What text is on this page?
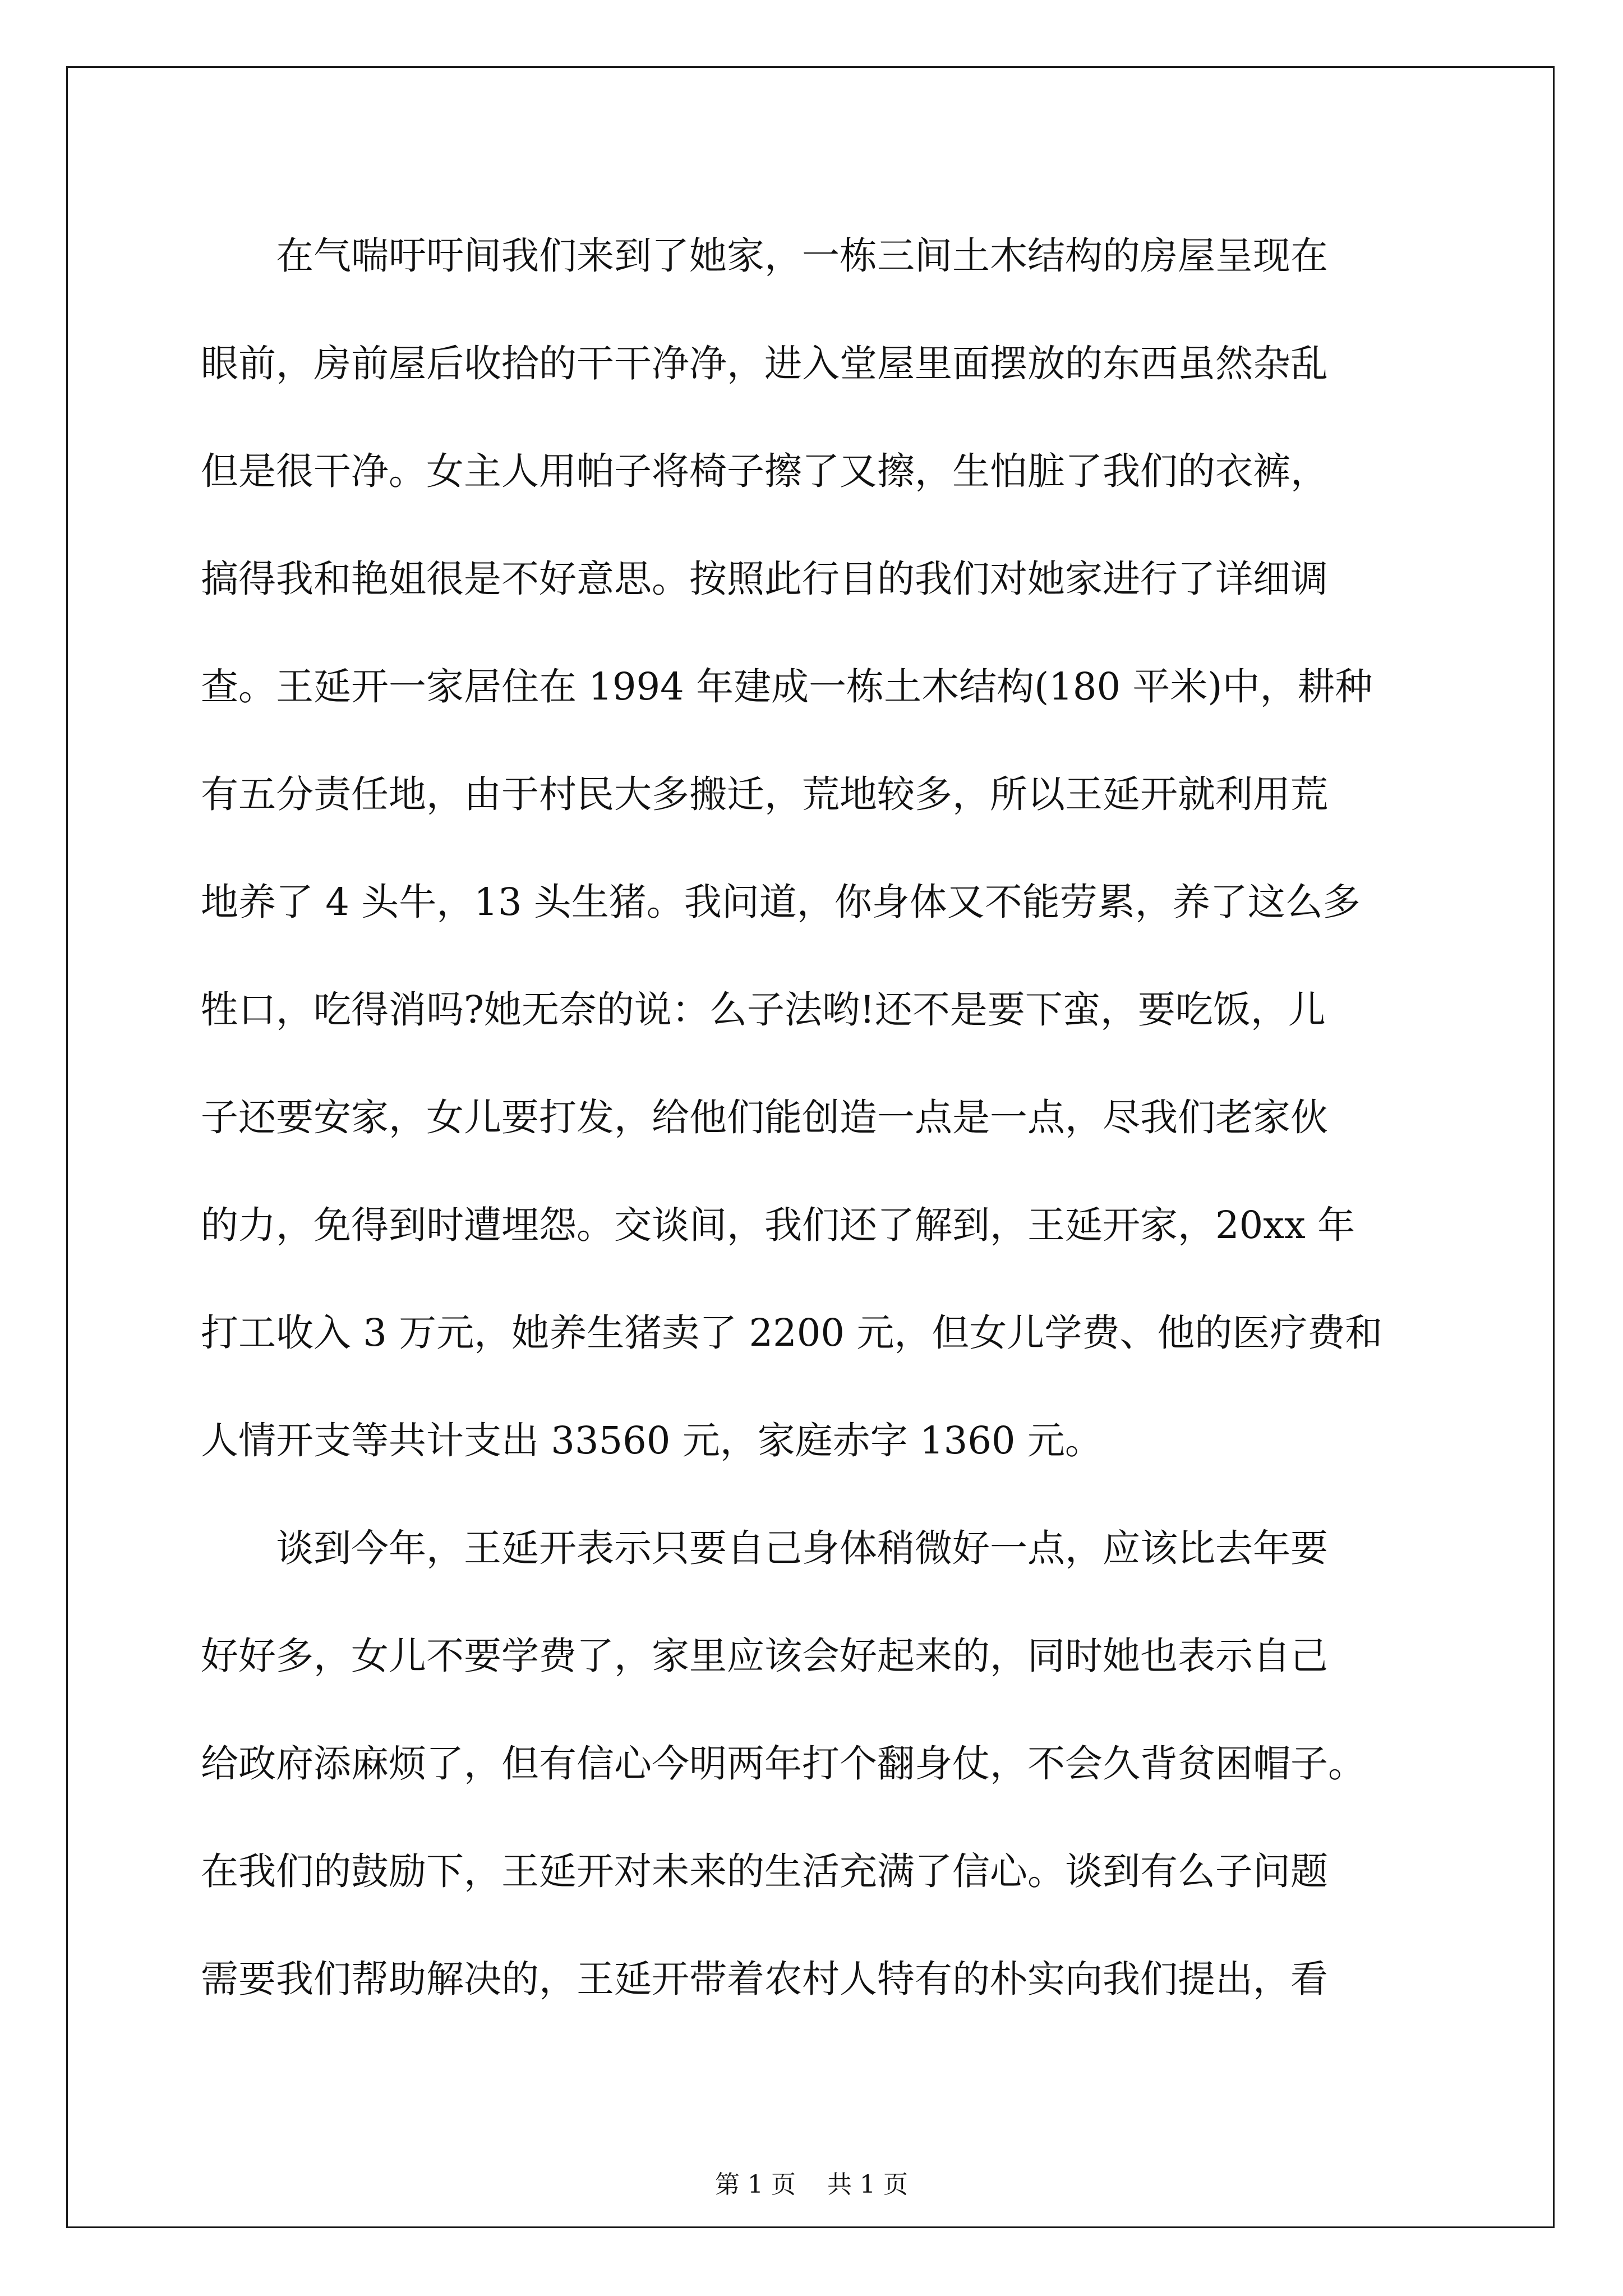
在气喘吁吁间我们来到了她家，一栋三间土木结构的房屋呈现在
眼前，房前屋后收拾的干干净净，进入堂屋里面摆放的东西虽然杂乱
但是很干净。女主人用帕子将椅子擦了又擦，生怕脏了我们的衣裤，
搞得我和艳姐很是不好意思。按照此行目的我们对她家进行了详细调
查。王延开一家居住在 1994 年建成一栋土木结构(180 平米)中，耕种
有五分责任地，由于村民大多搬迁，荒地较多，所以王延开就利用荒
地养了 4 头牛，13 头生猪。我问道，你身体又不能劳累，养了这么多
牲口，吃得消吗?她无奈的说：么子法哟!还不是要下蛮，要吃饭，儿
子还要安家，女儿要打发，给他们能创造一点是一点，尽我们老家伙
的力，免得到时遭埋怨。交谈间，我们还了解到，王延开家，20xx 年
打工收入 3 万元，她养生猪卖了 2200 元，但女儿学费、他的医疗费和
人情开支等共计支出 33560 元，家庭赤字 1360 元。
谈到今年，王延开表示只要自己身体稍微好一点，应该比去年要
好好多，女儿不要学费了，家里应该会好起来的，同时她也表示自己
给政府添麻烦了，但有信心今明两年打个翻身仗，不会久背贫困帽子。
在我们的鼓励下，王延开对未来的生活充满了信心。谈到有么子问题
需要我们帮助解决的，王延开带着农村人特有的朴实向我们提出，看
第 1 页 共 1 页
